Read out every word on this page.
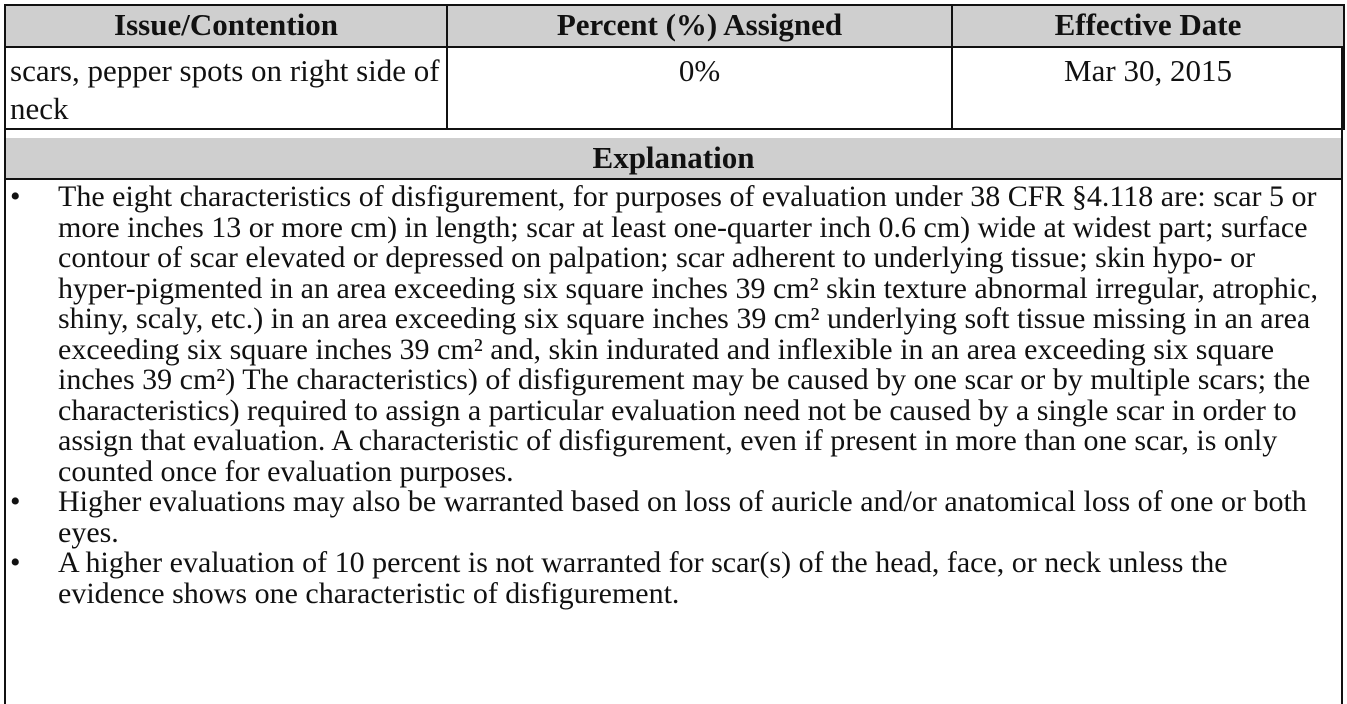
Issue/Contention	Percent (%) Assigned	Effective Date
scars, pepper spots on right side of neck	0%	Mar 30, 2015
Explanation
• The eight characteristics of disfigurement, for purposes of evaluation under 38 CFR §4.118 are: scar 5 or more inches 13 or more cm) in length; scar at least one-quarter inch 0.6 cm) wide at widest part; surface contour of scar elevated or depressed on palpation; scar adherent to underlying tissue; skin hypo- or hyper-pigmented in an area exceeding six square inches 39 cm² skin texture abnormal irregular, atrophic, shiny, scaly, etc.) in an area exceeding six square inches 39 cm² underlying soft tissue missing in an area exceeding six square inches 39 cm² and, skin indurated and inflexible in an area exceeding six square inches 39 cm²) The characteristics) of disfigurement may be caused by one scar or by multiple scars; the characteristics) required to assign a particular evaluation need not be caused by a single scar in order to assign that evaluation. A characteristic of disfigurement, even if present in more than one scar, is only counted once for evaluation purposes.
• Higher evaluations may also be warranted based on loss of auricle and/or anatomical loss of one or both eyes.
• A higher evaluation of 10 percent is not warranted for scar(s) of the head, face, or neck unless the evidence shows one characteristic of disfigurement.
